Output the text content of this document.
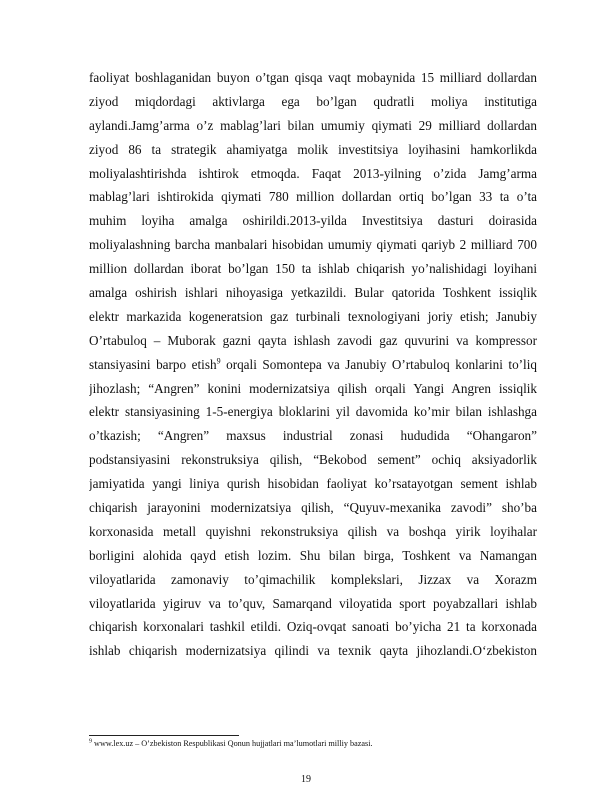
faoliyat boshlaganidan buyon o’tgan qisqa vaqt mobaynida 15 milliard dollardan
ziyod miqdordagi aktivlarga ega bo’lgan qudratli moliya institutiga
aylandi.Jamg’arma o’z mablag’lari bilan umumiy qiymati 29 milliard dollardan
ziyod 86 ta strategik ahamiyatga molik investitsiya loyihasini hamkorlikda
moliyalashtirishda ishtirok etmoqda. Faqat 2013-yilning o’zida Jamg’arma
mablag’lari ishtirokida qiymati 780 million dollardan ortiq bo’lgan 33 ta o’ta
muhim loyiha amalga oshirildi.2013-yilda Investitsiya dasturi doirasida
moliyalashning barcha manbalari hisobidan umumiy qiymati qariyb 2 milliard 700
million dollardan iborat bo’lgan 150 ta ishlab chiqarish yo’nalishidagi loyihani
amalga oshirish ishlari nihoyasiga yetkazildi. Bular qatorida Toshkent issiqlik
elektr markazida kogeneratsion gaz turbinali texnologiyani joriy etish; Janubiy
O’rtabuloq – Muborak gazni qayta ishlash zavodi gaz quvurini va kompressor
stansiyasini barpo etish$^9$ orqali Somontepa va Janubiy O’rtabuloq konlarini to’liq
jihozlash; “Angren” konini modernizatsiya qilish orqali Yangi Angren issiqlik
elektr stansiyasining 1-5-energiya bloklarini yil davomida ko’mir bilan ishlashga
o’tkazish; “Angren” maxsus industrial zonasi hududida “Ohangaron”
podstansiyasini rekonstruksiya qilish, “Bekobod sement” ochiq aksiyadorlik
jamiyatida yangi liniya qurish hisobidan faoliyat ko’rsatayotgan sement ishlab
chiqarish jarayonini modernizatsiya qilish, “Quyuv-mexanika zavodi” sho’ba
korxonasida metall quyishni rekonstruksiya qilish va boshqa yirik loyihalar
borligini alohida qayd etish lozim. Shu bilan birga, Toshkent va Namangan
viloyatlarida zamonaviy to’qimachilik komplekslari, Jizzax va Xorazm
viloyatlarida yigiruv va to’quv, Samarqand viloyatida sport poyabzallari ishlab
chiqarish korxonalari tashkil etildi. Oziq-ovqat sanoati bo’yicha 21 ta korxonada
ishlab chiqarish modernizatsiya qilindi va texnik qayta jihozlandi.O‘zbekiston
$^9$ www.lex.uz – O’zbekiston Respublikasi Qonun hujjatlari ma’lumotlari milliy bazasi.
19
